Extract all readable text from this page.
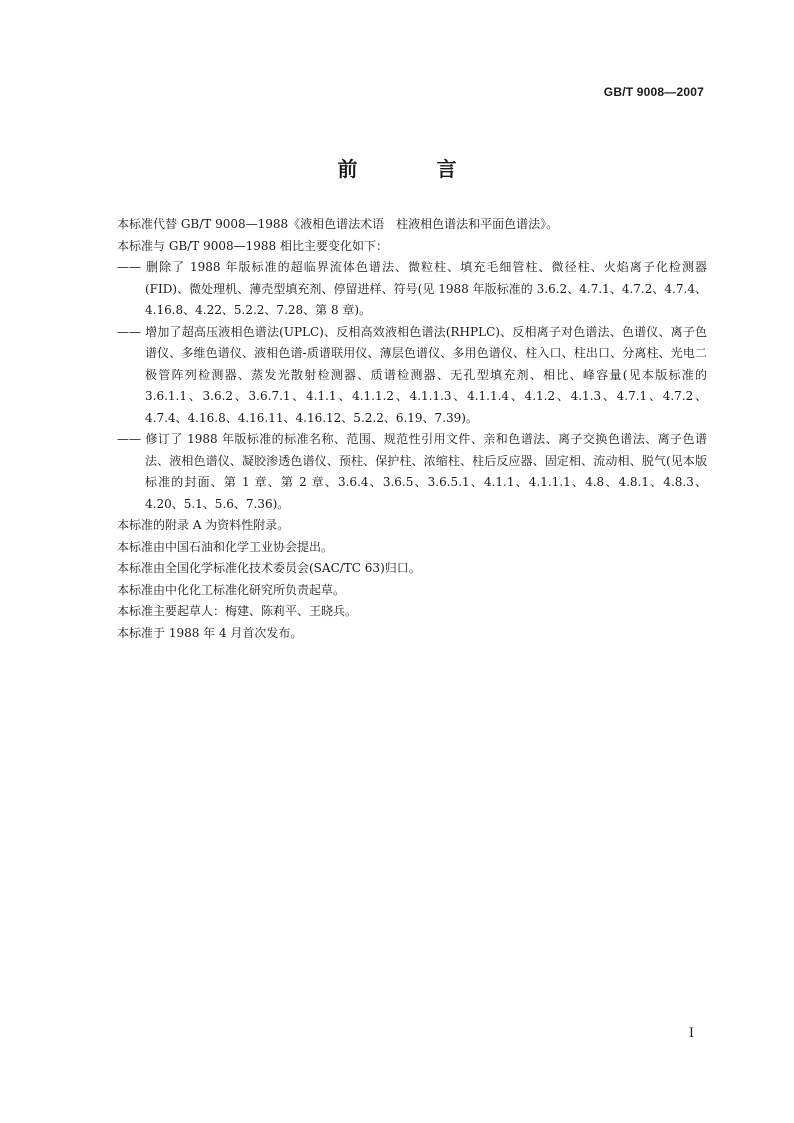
GB/T 9008—2007
前 言

本标准代替 GB/T 9008—1988《液相色谱法术语　柱液相色谱法和平面色谱法》。

本标准与 GB/T 9008—1988 相比主要变化如下：

—— 删除了 1988 年版标准的超临界流体色谱法、微粒柱、填充毛细管柱、微径柱、火焰离子化检测器(FID)、微处理机、薄壳型填充剂、停留进样、符号(见 1988 年版标准的 3.6.2、4.7.1、4.7.2、4.7.4、4.16.8、4.22、5.2.2、7.28、第 8 章)。

—— 增加了超高压液相色谱法(UPLC)、反相高效液相色谱法(RHPLC)、反相离子对色谱法、色谱仪、离子色谱仪、多维色谱仪、液相色谱-质谱联用仪、薄层色谱仪、多用色谱仪、柱入口、柱出口、分离柱、光电二极管阵列检测器、蒸发光散射检测器、质谱检测器、无孔型填充剂、相比、峰容量(见本版标准的 3.6.1.1、3.6.2、3.6.7.1、4.1.1、4.1.1.2、4.1.1.3、4.1.1.4、4.1.2、4.1.3、4.7.1、4.7.2、4.7.4、4.16.8、4.16.11、4.16.12、5.2.2、6.19、7.39)。

—— 修订了 1988 年版标准的标准名称、范围、规范性引用文件、亲和色谱法、离子交换色谱法、离子色谱法、液相色谱仪、凝胶渗透色谱仪、预柱、保护柱、浓缩柱、柱后反应器、固定相、流动相、脱气(见本版标准的封面、第 1 章、第 2 章、3.6.4、3.6.5、3.6.5.1、4.1.1、4.1.1.1、4.8、4.8.1、4.8.3、4.20、5.1、5.6、7.36)。

本标准的附录 A 为资料性附录。

本标准由中国石油和化学工业协会提出。

本标准由全国化学标准化技术委员会(SAC/TC 63)归口。

本标准由中化化工标准化研究所负责起草。

本标准主要起草人：梅建、陈莉平、王晓兵。

本标准于 1988 年 4 月首次发布。

I
